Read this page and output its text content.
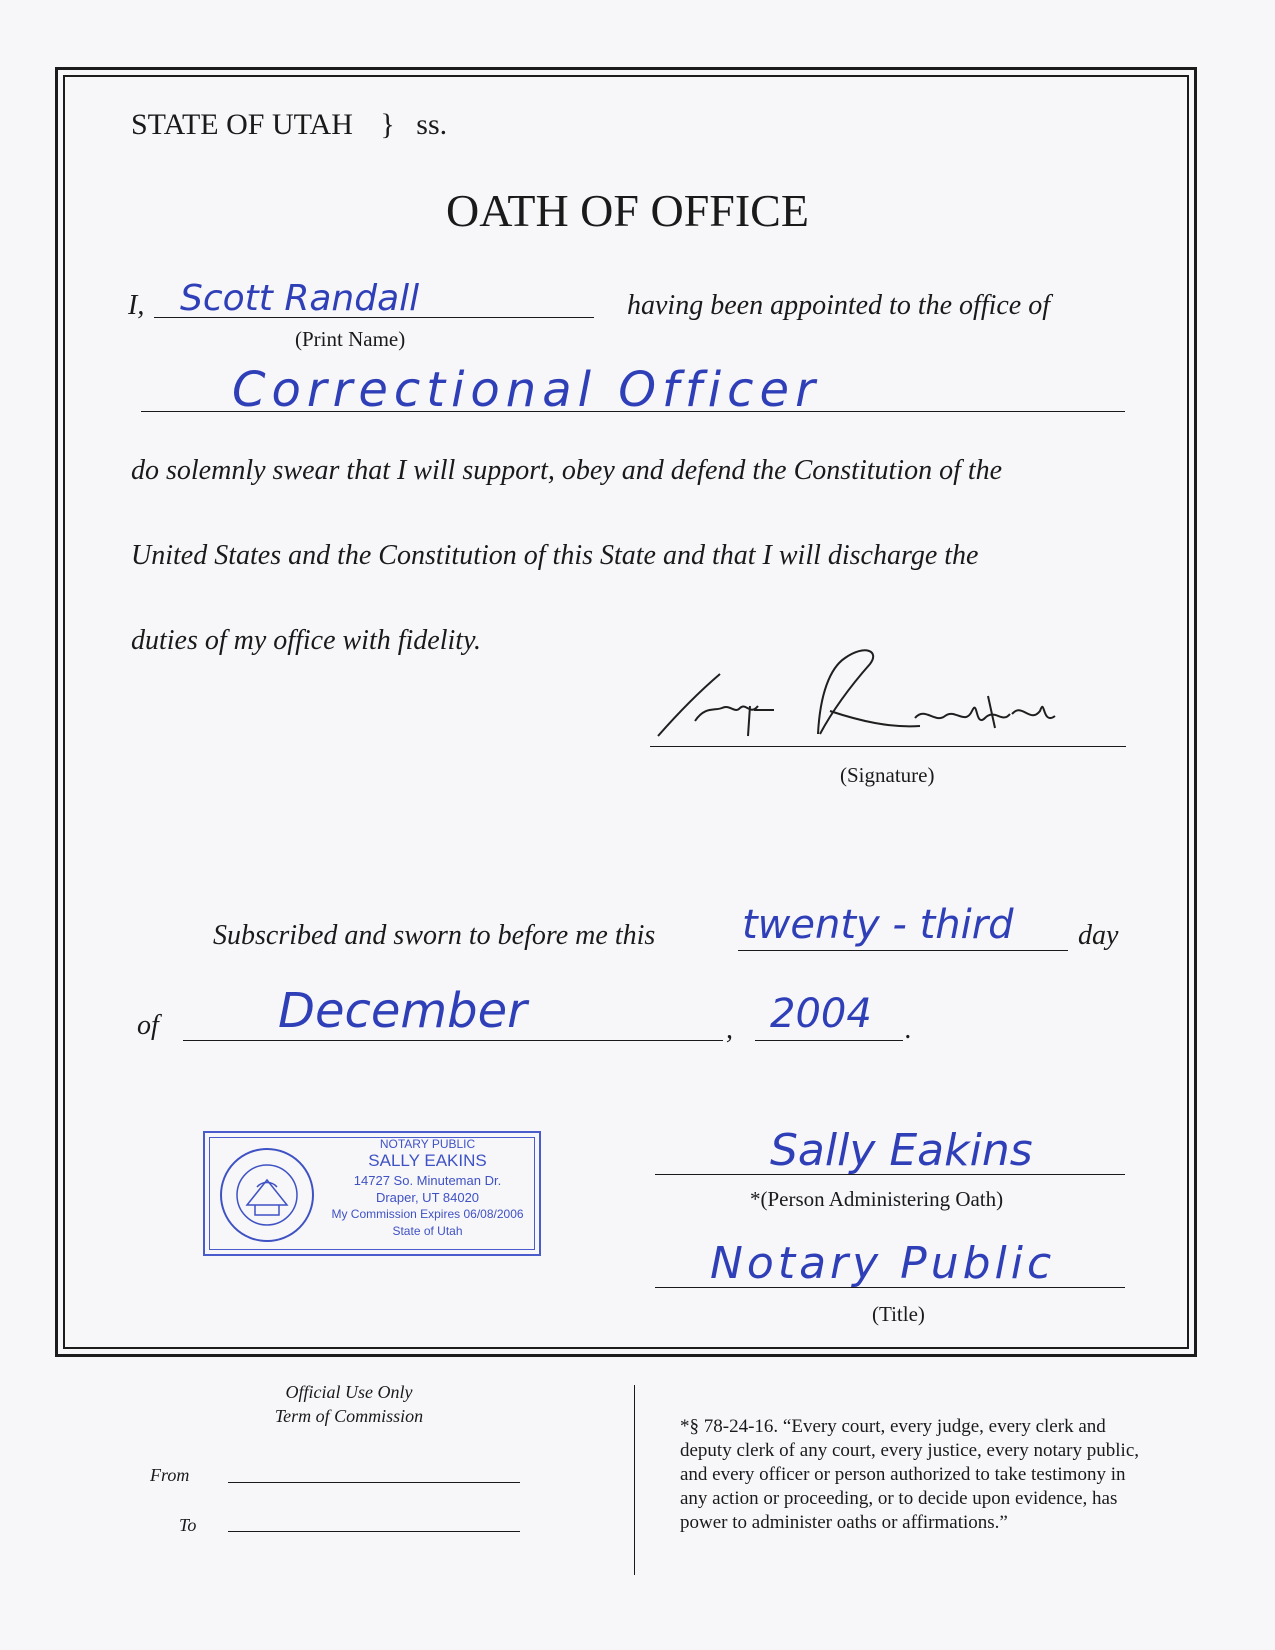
STATE OF UTAH } ss.
OATH OF OFFICE
I, Scott Randall
(Print Name)
having been appointed to the office of
Correctional Officer
do solemnly swear that I will support, obey and defend the Constitution of the
United States and the Constitution of this State and that I will discharge the
duties of my office with fidelity.
(Signature)
Subscribed and sworn to before me this twenty - third day
of December	, 2004 .
NOTARY PUBLIC
SALLY EAKINS
14727 So. Minuteman Dr.
Draper, UT 84020
My Commission Expires 06/08/2006
State of Utah
Sally Eakins
*(Person Administering Oath)
Notary Public
(Title)
Official Use Only
Term of Commission
From
To
*§ 78-24-16. “Every court, every judge, every clerk and
deputy clerk of any court, every justice, every notary public,
and every officer or person authorized to take testimony in
any action or proceeding, or to decide upon evidence, has
power to administer oaths or affirmations.”
